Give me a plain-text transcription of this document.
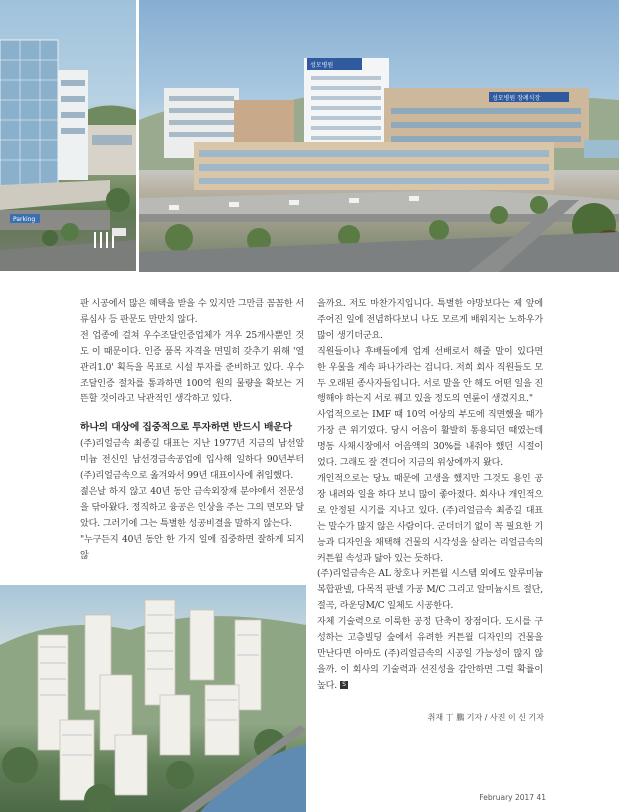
Parking
성모병원
성모병원 장례식장

판 시공에서 많은 혜택을 받을 수 있지만 그만큼 꼼꼼한 서류심사 등 판문도 만만치 않다.

전 업종에 걸쳐 우수조달인증업체가 겨우 25개사뿐인 것도 이 때문이다. 인증 품목 자격을 면밀히 갖추기 위해 '열관리1.0' 획득을 목표로 시설 투자를 준비하고 있다. 우수조달인증 절차를 통과하면 100억 원의 물량을 확보는 거뜬할 것이라고 낙관적인 생각하고 있다.

하나의 대상에 집중적으로 투자하면 반드시 배운다

(주)리얼금속 최종길 대표는 지난 1977년 지금의 남선알미늄 전신인 남선경금속공업에 입사해 일하다 90년부터 (주)리얼금속으로 옮겨와서 99년 대표이사에 취임했다.

젊은날 하지 않고 40년 동안 금속외장재 분야에서 전문성을 닦아왔다. 정직하고 융공은 인상을 주는 그의 면모와 달았다. 그러기에 그는 특별한 성공비결을 말하지 않는다.

"누구든지 40년 동안 한 가지 일에 집중하면 잘하게 되지 않

을까요. 저도 마찬가지입니다. 특별한 야망보다는 제 앞에 주어진 일에 전념하다보니 나도 모르게 배워지는 노하우가 많이 생기더군요.

직원들이나 후배들에게 업계 선배로서 해줄 말이 있다면 한 우물을 계속 파나가라는 겁니다. 저희 회사 직원들도 모두 오래된 종사자들입니다. 서로 말을 안 해도 어떤 일을 진행해야 하는지 서로 꿰고 있을 정도의 연륜이 생겼지요."

사업적으로는 IMF 때 10억 어상의 부도에 직면했을 때가 가장 큰 위기였다. 당시 어음이 활발히 통용되던 때였는데 명동 사채시장에서 어음액의 30%를 내줘야 했던 시절이었다. 그래도 잘 견디어 지금의 위상에까지 왔다.

개인적으로는 당뇨 때문에 고생을 했지만 그것도 용인 공장 내려와 일을 하다 보니 많이 좋아졌다. 회사나 개인적으로 안정된 시기를 지나고 있다. (주)리얼금속 최종길 대표는 말수가 많지 않은 사람이다. 군더더기 없이 꼭 필요한 기능과 디자인을 채택해 건물의 시각성을 살리는 리얼금속의 커튼월 속성과 닮아 있는 듯하다.

(주)리얼금속은 AL 창호나 커튼월 시스템 외에도 알루미늄 복합판넬, 다목적 판넬 가공 M/C 그리고 알미늄시트 절단, 절곡, 라운딩M/C 일체도 시공한다.

자체 기술력으로 이룩한 공정 단축이 장점이다. 도시를 구성하는 고층빌딩 숲에서 유려한 커튼월 디자인의 건물을 만난다면 아마도 (주)리얼금속의 시공일 가능성이 많지 않을까. 이 회사의 기술력과 선진성을 감안하면 그럴 확률이 높다. S

취재 丁 鵬 기자 / 사진 이 신 기자
February 2017 41
